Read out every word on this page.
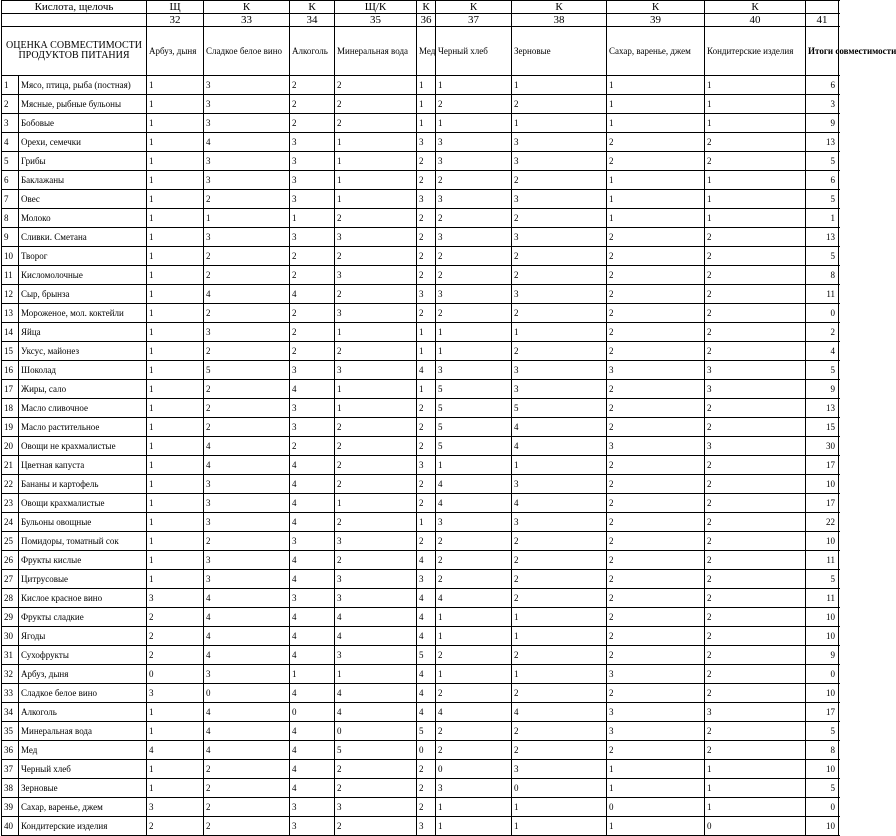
Кислота, щелочь		Щ	К	К	Щ/К	К	К	К	К	К	
		32	33	34	35	36	37	38	39	40	41
ОЦЕНКА СОВМЕСТИМОСТИ ПРОДУКТОВ ПИТАНИЯ		Арбуз, дыня	Сладкое белое вино	Алкоголь	Минеральная вода	Мед	Черный хлеб	Зерновые	Сахар, варенье, джем	Кондитерские изделия	Итоги совместимости
1	Мясо, птица, рыба (постная)	1	3	2	2	1	1	1	1	1	6
2	Мясные, рыбные бульоны	1	3	2	2	1	2	2	1	1	3
3	Бобовые	1	3	2	2	1	1	1	1	1	9
4	Орехи, семечки	1	4	3	1	3	3	3	2	2	13
5	Грибы	1	3	3	1	2	3	3	2	2	5
6	Баклажаны	1	3	3	1	2	2	2	1	1	6
7	Овес	1	2	3	1	3	3	3	1	1	5
8	Молоко	1	1	1	2	2	2	2	1	1	1
9	Сливки. Сметана	1	3	3	3	2	3	3	2	2	13
10	Творог	1	2	2	2	2	2	2	2	2	5
11	Кисломолочные	1	2	2	3	2	2	2	2	2	8
12	Сыр, брынза	1	4	4	2	3	3	3	2	2	11
13	Мороженое, мол. коктейли	1	2	2	3	2	2	2	2	2	0
14	Яйца	1	3	2	1	1	1	1	2	2	2
15	Уксус, майонез	1	2	2	2	1	1	2	2	2	4
16	Шоколад	1	5	3	3	4	3	3	3	3	5
17	Жиры, сало	1	2	4	1	1	5	3	2	3	9
18	Масло сливочное	1	2	3	1	2	5	5	2	2	13
19	Масло растительное	1	2	3	2	2	5	4	2	2	15
20	Овощи не крахмалистые	1	4	2	2	2	5	4	3	3	30
21	Цветная капуста	1	4	4	2	3	1	1	2	2	17
22	Бананы и картофель	1	3	4	2	2	4	3	2	2	10
23	Овощи крахмалистые	1	3	4	1	2	4	4	2	2	17
24	Бульоны овощные	1	3	4	2	1	3	3	2	2	22
25	Помидоры, томатный сок	1	2	3	3	2	2	2	2	2	10
26	Фрукты кислые	1	3	4	2	4	2	2	2	2	11
27	Цитрусовые	1	3	4	3	3	2	2	2	2	5
28	Кислое красное вино	3	4	3	3	4	4	2	2	2	11
29	Фрукты сладкие	2	4	4	4	4	1	1	2	2	10
30	Ягоды	2	4	4	4	4	1	1	2	2	10
31	Сухофрукты	2	4	4	3	5	2	2	2	2	9
32	Арбуз, дыня	0	3	1	1	4	1	1	3	2	0
33	Сладкое белое вино	3	0	4	4	4	2	2	2	2	10
34	Алкоголь	1	4	0	4	4	4	4	3	3	17
35	Минеральная вода	1	4	4	0	5	2	2	3	2	5
36	Мед	4	4	4	5	0	2	2	2	2	8
37	Черный хлеб	1	2	4	2	2	0	3	1	1	10
38	Зерновые	1	2	4	2	2	3	0	1	1	5
39	Сахар, варенье, джем	3	2	3	3	2	1	1	0	1	0
40	Кондитерские изделия	2	2	3	2	3	1	1	1	0	10
